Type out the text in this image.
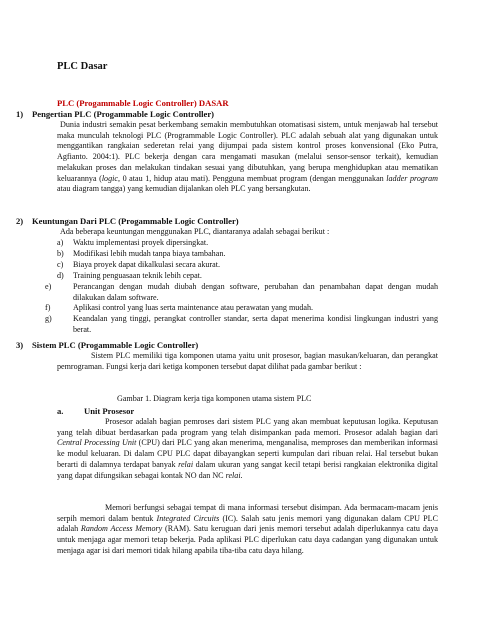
PLC Dasar
PLC (Progammable Logic Controller) DASAR
1) Pengertian PLC (Progammable Logic Controller)

Dunia industri semakin pesat berkembang semakin membutuhkan otomatisasi sistem, untuk menjawab hal tersebut maka munculah teknologi PLC (Programmable Logic Controller). PLC adalah sebuah alat yang digunakan untuk menggantikan rangkaian sederetan relai yang dijumpai pada sistem kontrol proses konvensional (Eko Putra, Agfianto. 2004:1). PLC bekerja dengan cara mengamati masukan (melalui sensor-sensor terkait), kemudian melakukan proses dan melakukan tindakan sesuai yang dibutuhkan, yang berupa menghidupkan atau mematikan keluarannya (logic, 0 atau 1, hidup atau mati). Pengguna membuat program (dengan menggunakan ladder program atau diagram tangga) yang kemudian dijalankan oleh PLC yang bersangkutan.

2) Keuntungan Dari PLC (Progammable Logic Controller)

Ada beberapa keuntungan menggunakan PLC, diantaranya adalah sebagai berikut :

a)	Waktu implementasi proyek dipersingkat.
b)	Modifikasi lebih mudah tanpa biaya tambahan.
c)	Biaya proyek dapat dikalkulasi secara akurat.
d)	Training penguasaan teknik lebih cepat.
e)	Perancangan dengan mudah diubah dengan software, perubahan dan penambahan dapat dengan mudah dilakukan dalam software.
f)	Aplikasi control yang luas serta maintenance atau perawatan yang mudah.
g)	Keandalan yang tinggi, perangkat controller standar, serta dapat menerima kondisi lingkungan industri yang berat.
3) Sistem PLC (Progammable Logic Controller)

Sistem PLC memiliki tiga komponen utama yaitu unit prosesor, bagian masukan/keluaran, dan perangkat pemrograman. Fungsi kerja dari ketiga komponen tersebut dapat dilihat pada gambar berikut :

Gambar 1. Diagram kerja tiga komponen utama sistem PLC
a. Unit Prosesor

Prosesor adalah bagian pemroses dari sistem PLC yang akan membuat keputusan logika. Keputusan yang telah dibuat berdasarkan pada program yang telah disimpankan pada memori. Prosesor adalah bagian dari Central Processing Unit (CPU) dari PLC yang akan menerima, menganalisa, memproses dan memberikan informasi ke modul keluaran. Di dalam CPU PLC dapat dibayangkan seperti kumpulan dari ribuan relai. Hal tersebut bukan berarti di dalamnya terdapat banyak relai dalam ukuran yang sangat kecil tetapi berisi rangkaian elektronika digital yang dapat difungsikan sebagai kontak NO dan NC relai.

Memori berfungsi sebagai tempat di mana informasi tersebut disimpan. Ada bermacam-macam jenis serpih memori dalam bentuk Integrated Circuits (IC). Salah satu jenis memori yang digunakan dalam CPU PLC adalah Random Access Memory (RAM). Satu keruguan dari jenis memori tersebut adalah diperlukannya catu daya untuk menjaga agar memori tetap bekerja. Pada aplikasi PLC diperlukan catu daya cadangan yang digunakan untuk menjaga agar isi dari memori tidak hilang apabila tiba-tiba catu daya hilang.
